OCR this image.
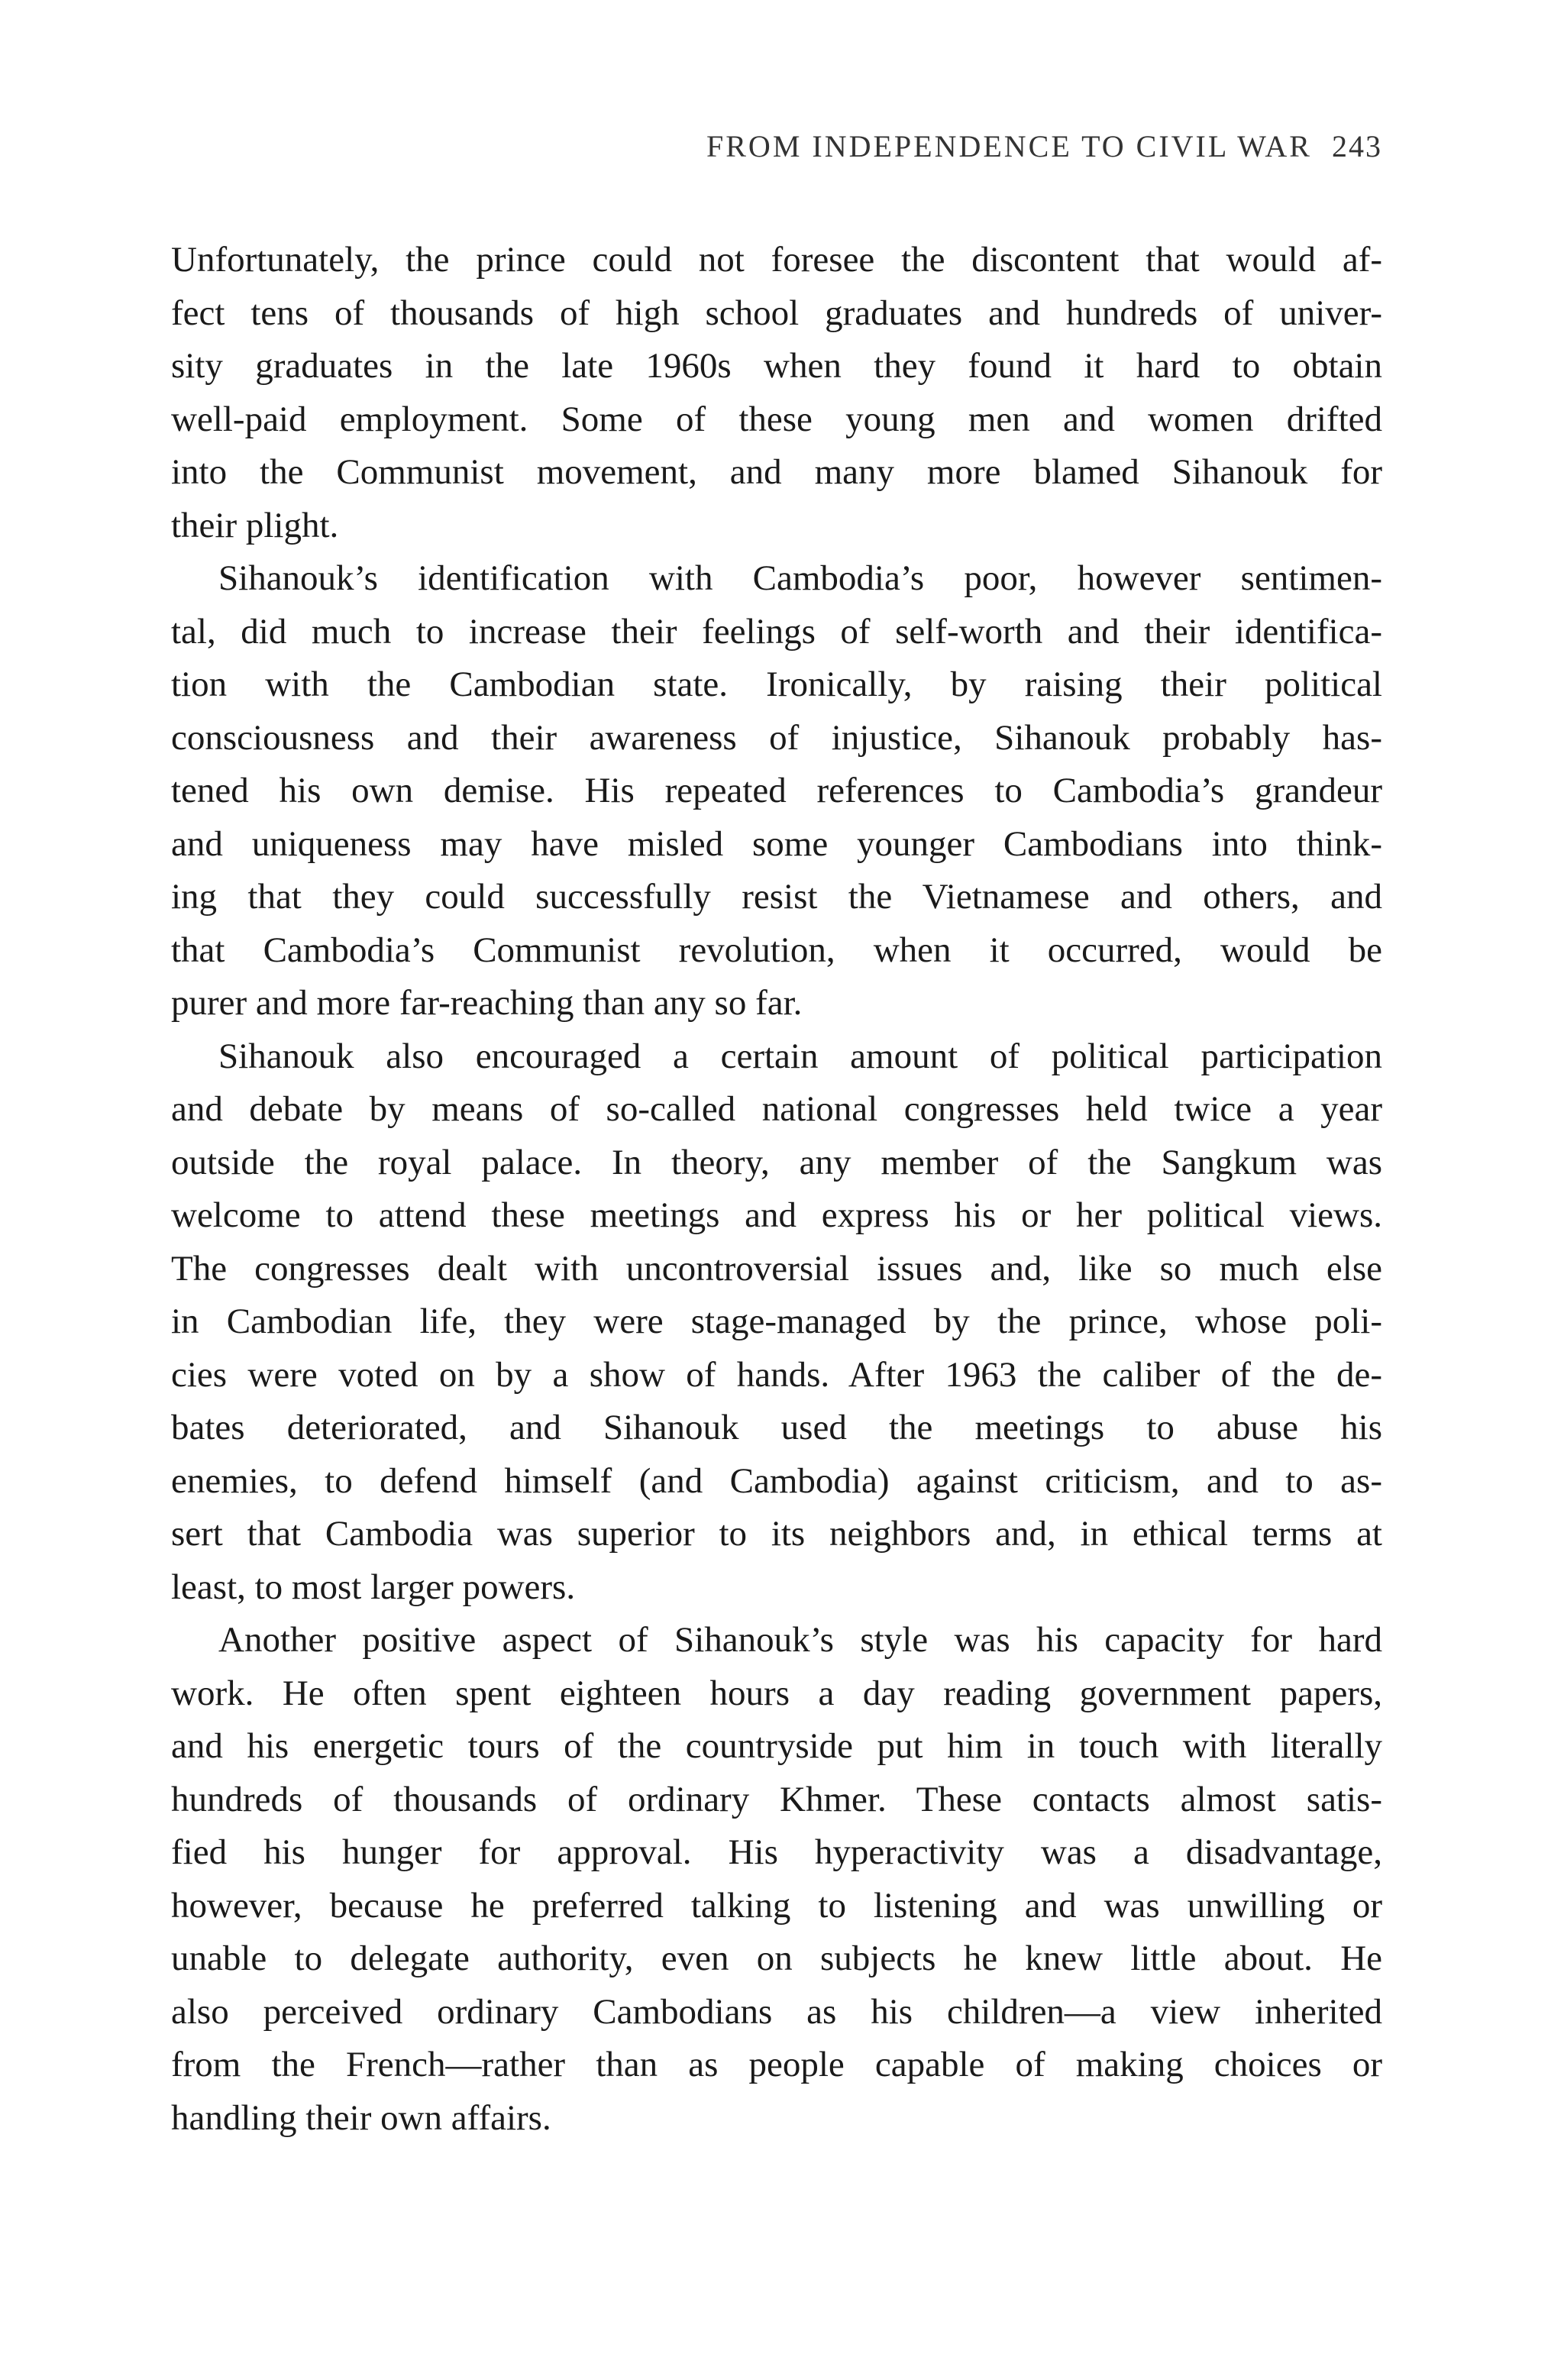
FROM INDEPENDENCE TO CIVIL WAR 243
Unfortunately, the prince could not foresee the discontent that would af-
fect tens of thousands of high school graduates and hundreds of univer-
sity graduates in the late 1960s when they found it hard to obtain
well-paid employment. Some of these young men and women drifted
into the Communist movement, and many more blamed Sihanouk for
their plight.
Sihanouk’s identification with Cambodia’s poor, however sentimen-
tal, did much to increase their feelings of self-worth and their identifica-
tion with the Cambodian state. Ironically, by raising their political
consciousness and their awareness of injustice, Sihanouk probably has-
tened his own demise. His repeated references to Cambodia’s grandeur
and uniqueness may have misled some younger Cambodians into think-
ing that they could successfully resist the Vietnamese and others, and
that Cambodia’s Communist revolution, when it occurred, would be
purer and more far-reaching than any so far.
Sihanouk also encouraged a certain amount of political participation
and debate by means of so-called national congresses held twice a year
outside the royal palace. In theory, any member of the Sangkum was
welcome to attend these meetings and express his or her political views.
The congresses dealt with uncontroversial issues and, like so much else
in Cambodian life, they were stage-managed by the prince, whose poli-
cies were voted on by a show of hands. After 1963 the caliber of the de-
bates deteriorated, and Sihanouk used the meetings to abuse his
enemies, to defend himself (and Cambodia) against criticism, and to as-
sert that Cambodia was superior to its neighbors and, in ethical terms at
least, to most larger powers.
Another positive aspect of Sihanouk’s style was his capacity for hard
work. He often spent eighteen hours a day reading government papers,
and his energetic tours of the countryside put him in touch with literally
hundreds of thousands of ordinary Khmer. These contacts almost satis-
fied his hunger for approval. His hyperactivity was a disadvantage,
however, because he preferred talking to listening and was unwilling or
unable to delegate authority, even on subjects he knew little about. He
also perceived ordinary Cambodians as his children—a view inherited
from the French—rather than as people capable of making choices or
handling their own affairs.
